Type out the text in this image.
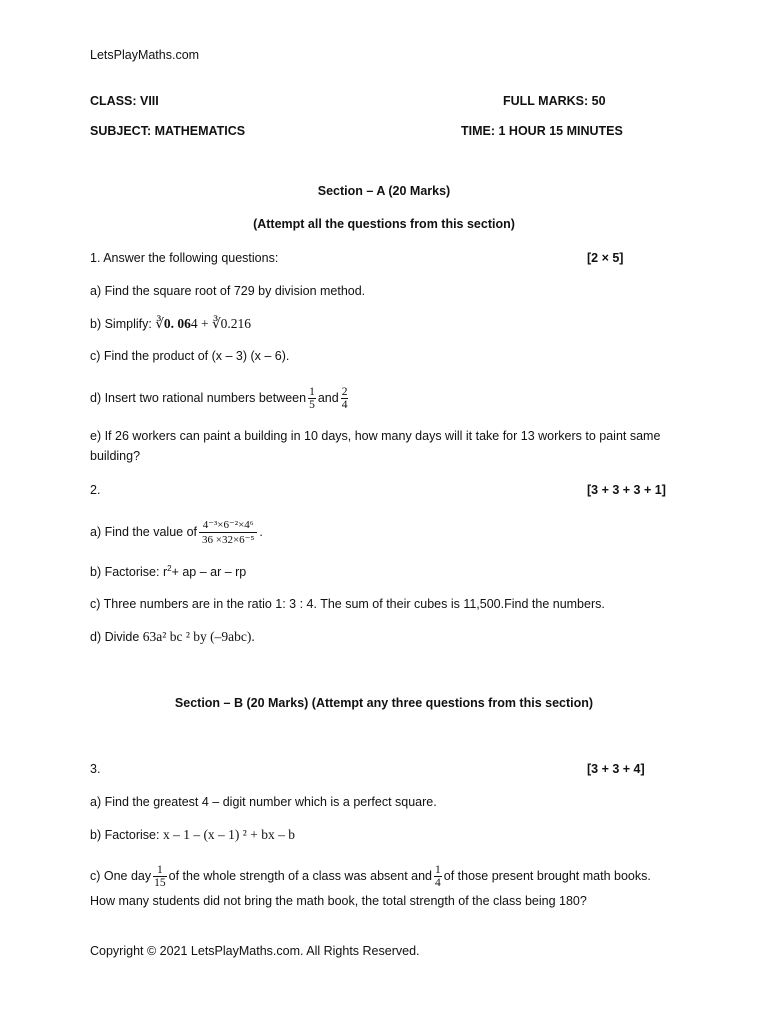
LetsPlayMaths.com
CLASS: VIII	FULL MARKS: 50
SUBJECT: MATHEMATICS	TIME: 1 HOUR 15 MINUTES
Section – A (20 Marks)
(Attempt all the questions from this section)
1. Answer the following questions:	[2 × 5]
a) Find the square root of 729 by division method.
b) Simplify: ∛0. 064 + ∛0.216
c) Find the product of (x – 3) (x – 6).
d) Insert two rational numbers between $\frac{1}{5}$ and $\frac{2}{4}$
e) If 26 workers can paint a building in 10 days, how many days will it take for 13 workers to paint same
building?
2.	[3 + 3 + 3 + 1]
a) Find the value of $\frac{\text{4⁻³×6⁻²×4⁶}}{\text{36 ×32×6⁻⁵}}$ .
b) Factorise: $r^2+$ ap – ar – rp
c) Three numbers are in the ratio 1: 3 : 4. The sum of their cubes is 11,500.Find the numbers.
d) Divide 63a² bc ² by (–9abc).
Section – B (20 Marks) (Attempt any three questions from this section)
3.	[3 + 3 + 4]
a) Find the greatest 4 – digit number which is a perfect square.
b) Factorise: x – 1 – (x – 1) ² + bx – b
c) One day $\frac{1}{15}$ of the whole strength of a class was absent and $\frac{1}{4}$ of those present brought math books.
How many students did not bring the math book, the total strength of the class being 180?
Copyright © 2021 LetsPlayMaths.com. All Rights Reserved.
